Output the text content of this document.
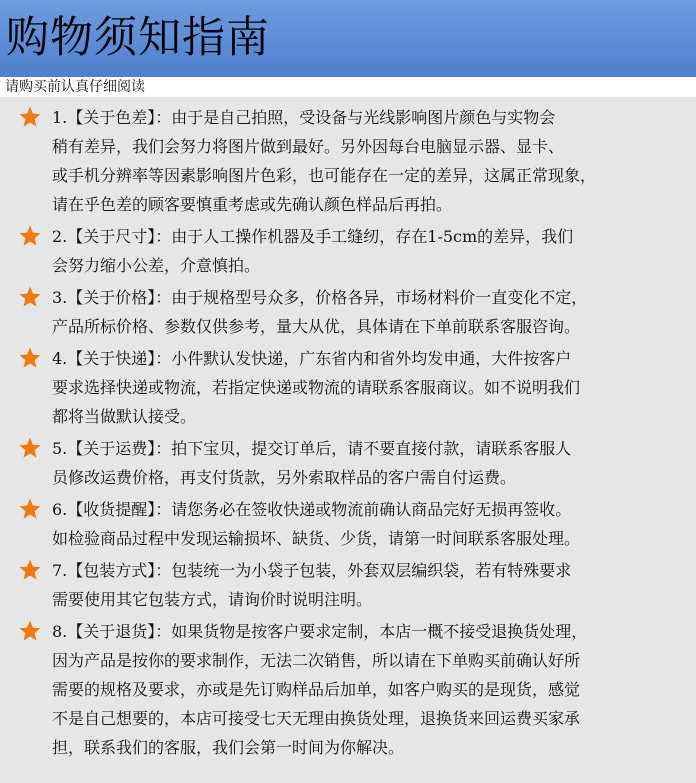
购物须知指南
请购买前认真仔细阅读
1.【关于色差】：由于是自己拍照，受设备与光线影响图片颜色与实物会
稍有差异，我们会努力将图片做到最好。另外因每台电脑显示器、显卡、
或手机分辨率等因素影响图片色彩，也可能存在一定的差异，这属正常现象，
请在乎色差的顾客要慎重考虑或先确认颜色样品后再拍。
2.【关于尺寸】：由于人工操作机器及手工缝纫，存在1-5cm的差异，我们
会努力缩小公差，介意慎拍。
3.【关于价格】：由于规格型号众多，价格各异，市场材料价一直变化不定，
产品所标价格、参数仅供参考，量大从优，具体请在下单前联系客服咨询。
4.【关于快递】：小件默认发快递，广东省内和省外均发申通，大件按客户
要求选择快递或物流，若指定快递或物流的请联系客服商议。如不说明我们
都将当做默认接受。
5.【关于运费】：拍下宝贝，提交订单后，请不要直接付款，请联系客服人
员修改运费价格，再支付货款，另外索取样品的客户需自付运费。
6.【收货提醒】：请您务必在签收快递或物流前确认商品完好无损再签收。
如检验商品过程中发现运输损坏、缺货、少货，请第一时间联系客服处理。
7.【包装方式】：包装统一为小袋子包装，外套双层编织袋，若有特殊要求
需要使用其它包装方式，请询价时说明注明。
8.【关于退货】：如果货物是按客户要求定制，本店一概不接受退换货处理，
因为产品是按你的要求制作，无法二次销售，所以请在下单购买前确认好所
需要的规格及要求，亦或是先订购样品后加单，如客户购买的是现货，感觉
不是自己想要的，本店可接受七天无理由换货处理，退换货来回运费买家承
担，联系我们的客服，我们会第一时间为你解决。
